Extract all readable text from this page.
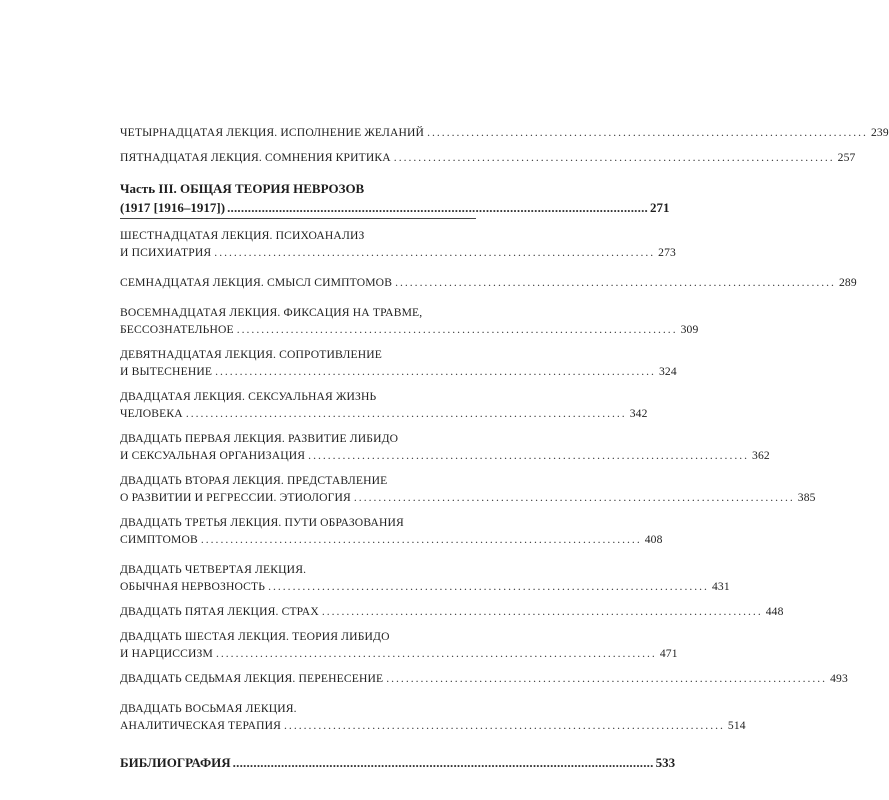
ЧЕТЫРНАДЦАТАЯ ЛЕКЦИЯ. ИСПОЛНЕНИЕ ЖЕЛАНИЙ .......................................................................................... 239
ПЯТНАДЦАТАЯ ЛЕКЦИЯ. СОМНЕНИЯ КРИТИКА .......................................................................................... 257
Часть III. ОБЩАЯ ТЕОРИЯ НЕВРОЗОВ
(1917 [1916–1917]) .......................................................................................................................... 271
ШЕСТНАДЦАТАЯ ЛЕКЦИЯ. ПСИХОАНАЛИЗ
И ПСИХИАТРИЯ .......................................................................................... 273
СЕМНАДЦАТАЯ ЛЕКЦИЯ. СМЫСЛ СИМПТОМОВ .......................................................................................... 289
ВОСЕМНАДЦАТАЯ ЛЕКЦИЯ. ФИКСАЦИЯ НА ТРАВМЕ,
БЕССОЗНАТЕЛЬНОЕ .......................................................................................... 309
ДЕВЯТНАДЦАТАЯ ЛЕКЦИЯ. СОПРОТИВЛЕНИЕ
И ВЫТЕСНЕНИЕ .......................................................................................... 324
ДВАДЦАТАЯ ЛЕКЦИЯ. СЕКСУАЛЬНАЯ ЖИЗНЬ
ЧЕЛОВЕКА .......................................................................................... 342
ДВАДЦАТЬ ПЕРВАЯ ЛЕКЦИЯ. РАЗВИТИЕ ЛИБИДО
И СЕКСУАЛЬНАЯ ОРГАНИЗАЦИЯ .......................................................................................... 362
ДВАДЦАТЬ ВТОРАЯ ЛЕКЦИЯ. ПРЕДСТАВЛЕНИЕ
О РАЗВИТИИ И РЕГРЕССИИ. ЭТИОЛОГИЯ .......................................................................................... 385
ДВАДЦАТЬ ТРЕТЬЯ ЛЕКЦИЯ. ПУТИ ОБРАЗОВАНИЯ
СИМПТОМОВ .......................................................................................... 408
ДВАДЦАТЬ ЧЕТВЕРТАЯ ЛЕКЦИЯ.
ОБЫЧНАЯ НЕРВОЗНОСТЬ .......................................................................................... 431
ДВАДЦАТЬ ПЯТАЯ ЛЕКЦИЯ. СТРАХ .......................................................................................... 448
ДВАДЦАТЬ ШЕСТАЯ ЛЕКЦИЯ. ТЕОРИЯ ЛИБИДО
И НАРЦИССИЗМ .......................................................................................... 471
ДВАДЦАТЬ СЕДЬМАЯ ЛЕКЦИЯ. ПЕРЕНЕСЕНИЕ .......................................................................................... 493
ДВАДЦАТЬ ВОСЬМАЯ ЛЕКЦИЯ.
АНАЛИТИЧЕСКАЯ ТЕРАПИЯ .......................................................................................... 514
БИБЛИОГРАФИЯ .......................................................................................................................... 533
